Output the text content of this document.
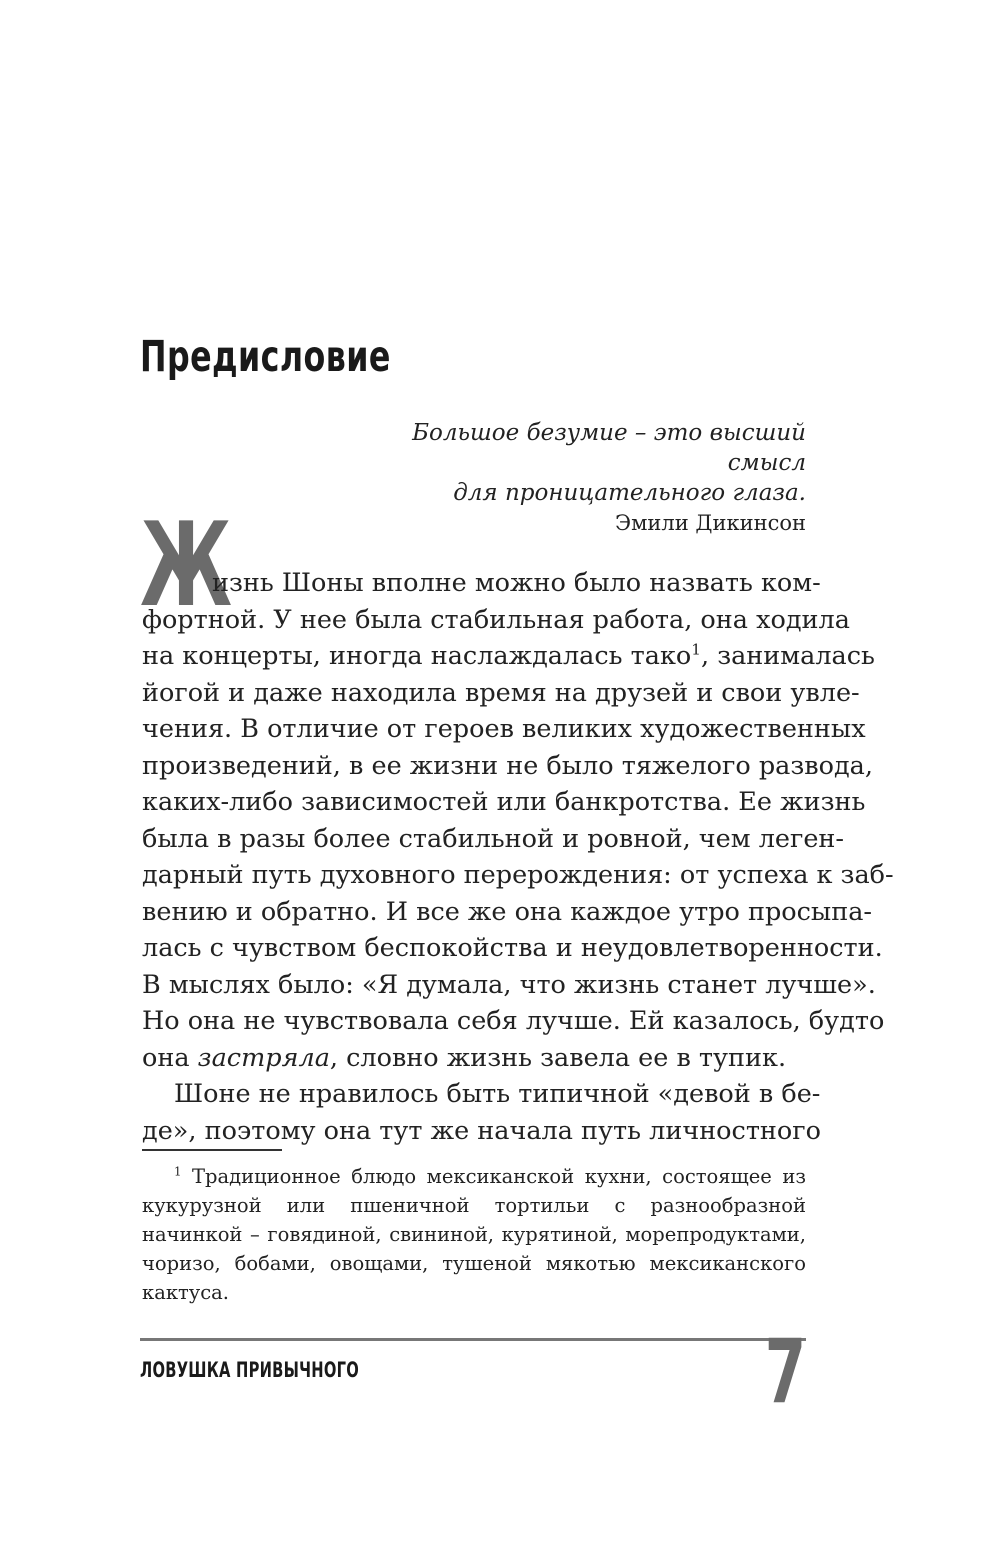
Предисловие
Большое безумие – это высший смысл
для проницательного глаза.
Эмили Дикинсон
Ж
изнь Шоны вполне можно было назвать ком-
фортной. У нее была стабильная работа, она ходила
на концерты, иногда наслаждалась тако$^1$, занималась
йогой и даже находила время на друзей и свои увле-
чения. В отличие от героев великих художественных
произведений, в ее жизни не было тяжелого развода,
каких-либо зависимостей или банкротства. Ее жизнь
была в разы более стабильной и ровной, чем леген-
дарный путь духовного перерождения: от успеха к заб-
вению и обратно. И все же она каждое утро просыпа-
лась с чувством беспокойства и неудовлетворенности.
В мыслях было: «Я думала, что жизнь станет лучше».
Но она не чувствовала себя лучше. Ей казалось, будто
она застряла, словно жизнь завела ее в тупик.
Шоне не нравилось быть типичной «девой в бе-
де», поэтому она тут же начала путь личностного
$^1$ Традиционное блюдо мексиканской кухни, состоящее из кукурузной или пшеничной тортильи с разнообразной начинкой – говядиной, свининой, курятиной, морепродуктами, чоризо, бобами, овощами, тушеной мякотью мексиканского кактуса.
ЛОВУШКА ПРИВЫЧНОГО	7
